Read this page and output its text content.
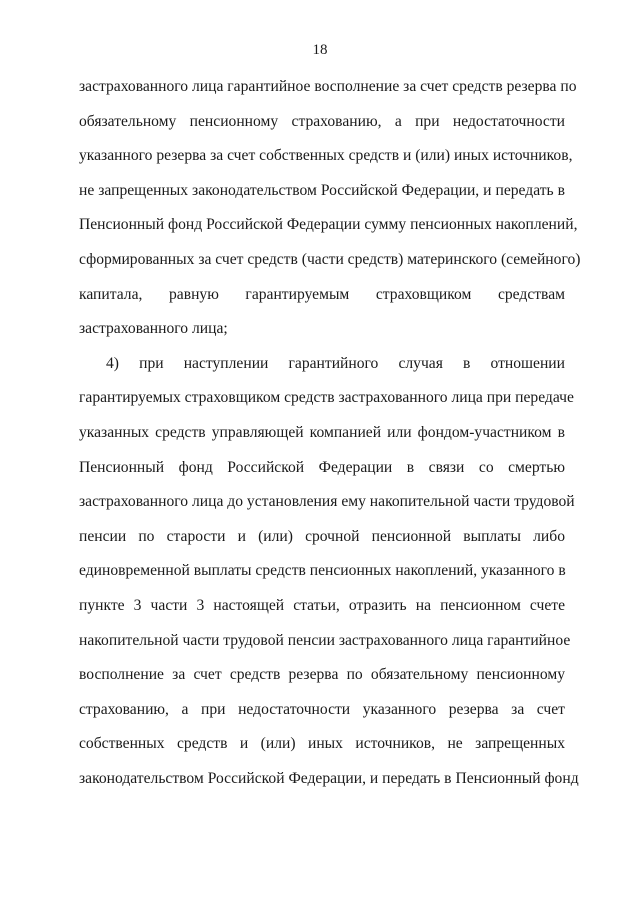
18
застрахованного лица гарантийное восполнение за счет средств резерва по
обязательному пенсионному страхованию, а при недостаточности
указанного резерва за счет собственных средств и (или) иных источников,
не запрещенных законодательством Российской Федерации, и передать в
Пенсионный фонд Российской Федерации сумму пенсионных накоплений,
сформированных за счет средств (части средств) материнского (семейного)
капитала, равную гарантируемым страховщиком средствам
застрахованного лица;
4) при наступлении гарантийного случая в отношении
гарантируемых страховщиком средств застрахованного лица при передаче
указанных средств управляющей компанией или фондом-участником в
Пенсионный фонд Российской Федерации в связи со смертью
застрахованного лица до установления ему накопительной части трудовой
пенсии по старости и (или) срочной пенсионной выплаты либо
единовременной выплаты средств пенсионных накоплений, указанного в
пункте 3 части 3 настоящей статьи, отразить на пенсионном счете
накопительной части трудовой пенсии застрахованного лица гарантийное
восполнение за счет средств резерва по обязательному пенсионному
страхованию, а при недостаточности указанного резерва за счет
собственных средств и (или) иных источников, не запрещенных
законодательством Российской Федерации, и передать в Пенсионный фонд
